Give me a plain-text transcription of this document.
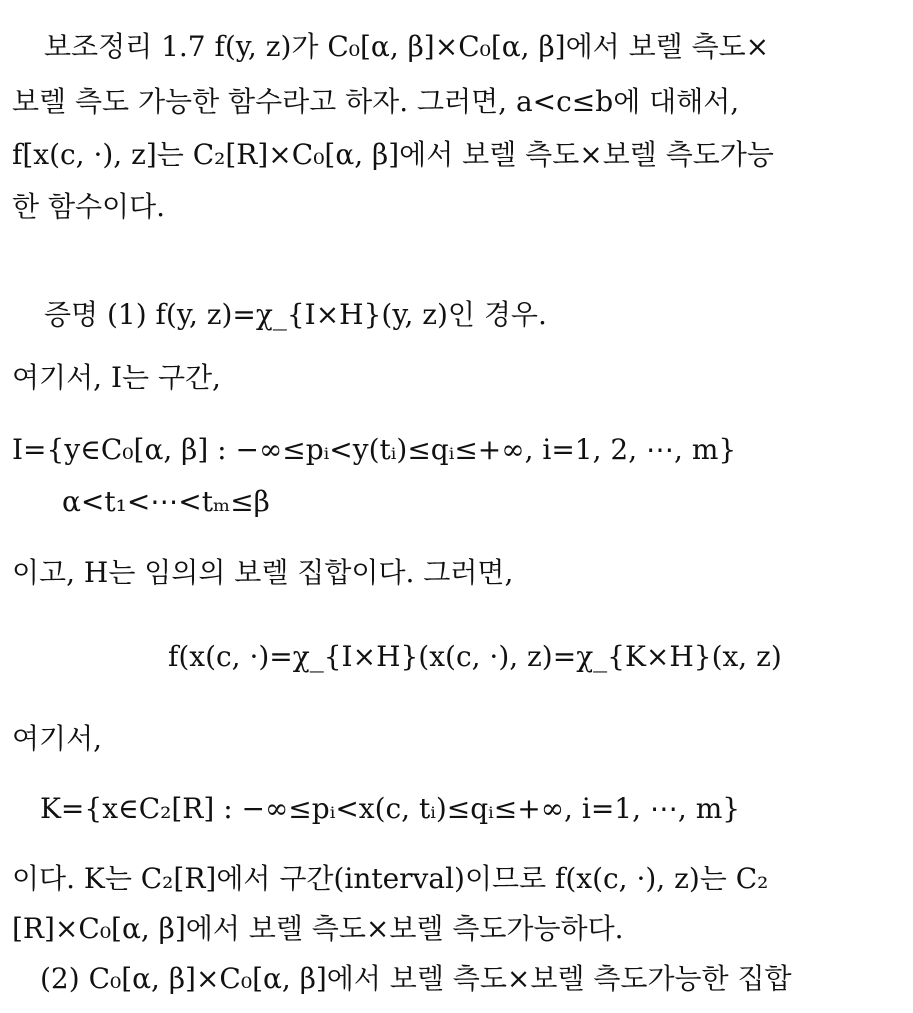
보조정리 1.7 f(y, z)가 C₀[α, β]×C₀[α, β]에서 보렐 측도×
보렐 측도 가능한 함수라고 하자. 그러면, a<c≤b에 대해서,
f[x(c, ·), z]는 C₂[R]×C₀[α, β]에서 보렐 측도×보렐 측도가능
한 함수이다.
증명 (1) f(y, z)=χ_{I×H}(y, z)인 경우.
여기서, I는 구간,
I={y∈C₀[α, β] : −∞≤pᵢ<y(tᵢ)≤qᵢ≤+∞, i=1, 2, ⋯, m}
α<t₁<⋯<tₘ≤β
이고, H는 임의의 보렐 집합이다. 그러면,
f(x(c, ·)=χ_{I×H}(x(c, ·), z)=χ_{K×H}(x, z)
여기서,
K={x∈C₂[R] : −∞≤pᵢ<x(c, tᵢ)≤qᵢ≤+∞, i=1, ⋯, m}
이다. K는 C₂[R]에서 구간(interval)이므로 f(x(c, ·), z)는 C₂
[R]×C₀[α, β]에서 보렐 측도×보렐 측도가능하다.
(2) C₀[α, β]×C₀[α, β]에서 보렐 측도×보렐 측도가능한 집합
